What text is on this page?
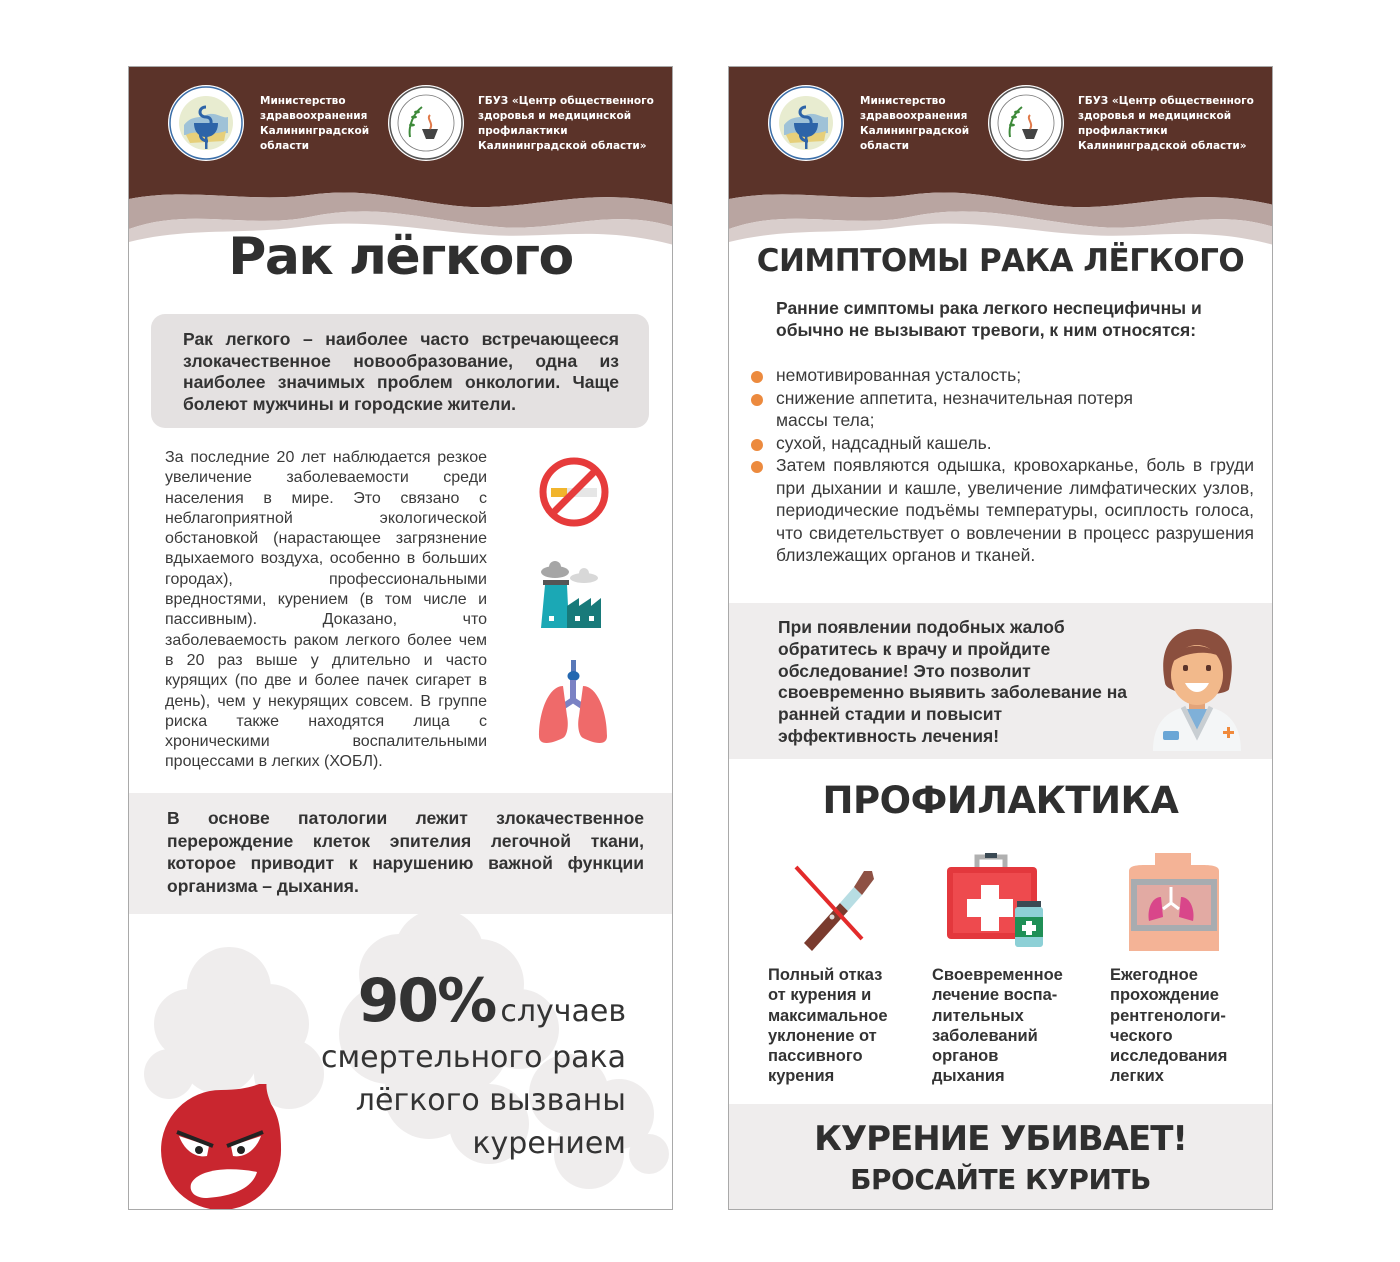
Министерство
здравоохранения
Калининградской
области
ГБУЗ «Центр общественного
здоровья и медицинской
профилактики
Калининградской области»
Рак лёгкого

Рак легкого – наиболее часто встречающееся злокачественное новообразование, одна из наиболее значимых проблем онкологии. Чаще болеют мужчины и городские жители.

За последние 20 лет наблюдается резкое увеличение заболеваемости среди населения в мире. Это связано с неблагоприятной экологической обстановкой (нарастающее загрязнение вдыхаемого воздуха, особенно в больших городах), профессиональными вредностями, курением (в том числе и пассивным). Доказано, что заболеваемость раком легкого более чем в 20 раз выше у длительно и часто курящих (по две и более пачек сигарет в день), чем у некурящих совсем. В группе риска также находятся лица с хроническими воспалительными процессами в легких (ХОБЛ).

В основе патологии лежит злокачественное перерождение клеток эпителия легочной ткани, которое приводит к нарушению важной функции организма – дыхания.

90% случаев
смертельного рака
лёгкого вызваны
курением
Министерство
здравоохранения
Калининградской
области
ГБУЗ «Центр общественного
здоровья и медицинской
профилактики
Калининградской области»
СИМПТОМЫ РАКА ЛЁГКОГО

Ранние симптомы рака легкого неспецифичны и обычно не вызывают тревоги, к ним относятся:

немотивированная усталость;
снижение аппетита, незначительная потеря массы тела;
сухой, надсадный кашель.
Затем появляются одышка, кровохарканье, боль в груди при дыхании и кашле, увеличение лимфатических узлов, периодические подъёмы температуры, осиплость голоса, что свидетельствует о вовлечении в процесс разрушения близлежащих органов и тканей.

При появлении подобных жалоб обратитесь к врачу и пройдите обследование! Это позволит своевременно выявить заболевание на ранней стадии и повысит эффективность лечения!

ПРОФИЛАКТИКА
Полный отказ
от курения и
максимальное
уклонение от
пассивного
курения
Своевременное
лечение воспа-
лительных
заболеваний
органов
дыхания
Ежегодное
прохождение
рентгенологи-
ческого
исследования
легких
КУРЕНИЕ УБИВАЕТ!
БРОСАЙТЕ КУРИТЬ
